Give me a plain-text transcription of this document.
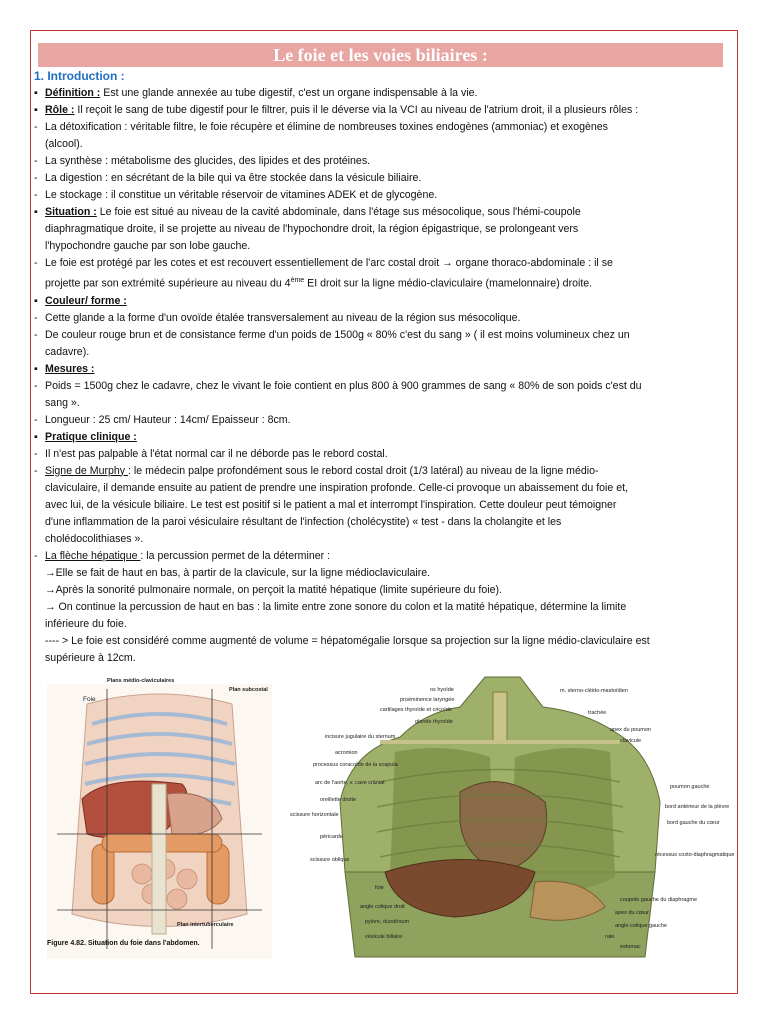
Le foie et les voies biliaires :
1. Introduction :
▪ Définition : Est une glande annexée au tube digestif, c'est un organe indispensable à la vie.
▪ Rôle : Il reçoit le sang de tube digestif pour le filtrer, puis il le déverse via la VCI au niveau de l'atrium droit, il a plusieurs rôles :
- La détoxification : véritable filtre, le foie récupère et élimine de nombreuses toxines endogènes (ammoniac) et exogènes
(alcool).
- La synthèse : métabolisme des glucides, des lipides et des protéines.
- La digestion : en sécrétant de la bile qui va être stockée dans la vésicule biliaire.
- Le stockage : il constitue un véritable réservoir de vitamines ADEK et de glycogène.
▪ Situation : Le foie est situé au niveau de la cavité abdominale, dans l'étage sus mésocolique, sous l'hémi-coupole
diaphragmatique droite, il se projette au niveau de l'hypochondre droit, la région épigastrique, se prolongeant vers
l'hypochondre gauche par son lobe gauche.
- Le foie est protégé par les cotes et est recouvert essentiellement de l'arc costal droit → organe thoraco-abdominale : il se
projette par son extrémité supérieure au niveau du 4ème EI droit sur la ligne médio-claviculaire (mamelonnaire) droite.
▪ Couleur/ forme :
- Cette glande a la forme d'un ovoïde étalée transversalement au niveau de la région sus mésocolique.
- De couleur rouge brun et de consistance ferme d'un poids de 1500g « 80% c'est du sang » ( il est moins volumineux chez un
cadavre).
▪ Mesures :
- Poids = 1500g chez le cadavre, chez le vivant le foie contient en plus 800 à 900 grammes de sang « 80% de son poids c'est du
sang ».
- Longueur : 25 cm/ Hauteur : 14cm/ Epaisseur : 8cm.
▪ Pratique clinique :
- Il n'est pas palpable à l'état normal car il ne déborde pas le rebord costal.
- Signe de Murphy : le médecin palpe profondément sous le rebord costal droit (1/3 latéral) au niveau de la ligne médio-
claviculaire, il demande ensuite au patient de prendre une inspiration profonde. Celle-ci provoque un abaissement du foie et,
avec lui, de la vésicule biliaire. Le test est positif si le patient a mal et interrompt l'inspiration. Cette douleur peut témoigner
d'une inflammation de la paroi vésiculaire résultant de l'infection (cholécystite) « test - dans la cholangite et les
cholédocolithiases ».
- La flèche hépatique : la percussion permet de la déterminer :
→Elle se fait de haut en bas, à partir de la clavicule, sur la ligne médioclaviculaire.
→Après la sonorité pulmonaire normale, on perçoit la matité hépatique (limite supérieure du foie).
→ On continue la percussion de haut en bas : la limite entre zone sonore du colon et la matité hépatique, détermine la limite
inférieure du foie.
---- > Le foie est considéré comme augmenté de volume = hépatomégalie lorsque sa projection sur la ligne médio-claviculaire est
supérieure à 12cm.
Plans médio-claviculaires
Foie
Plan subcostal
Plan intertuberculaire
Figure 4.82. Situation du foie dans l'abdomen.
incisure jugulaire du sternum
acromion
processus coracoïde de la scapula
arc de l'aorte, v. cave crânial
oreillette droite
scissure horizontale
péricarde
scissure oblique
foie
angle colique droit
pylore, duodénum
vésicule biliaire
os hyoïde
proéminence laryngée
cartilages thyroïde et cricoïde
glande thyroïde
m. sterno-cléido-mastoïdien
trachée
apex du poumon
clavicule
poumon gauche
bord antérieur de la plèvre
bord gauche du cœur
récessus costo-diaphragmatique
coupole gauche du diaphragme
apex du cœur
angle colique gauche
rate
estomac
